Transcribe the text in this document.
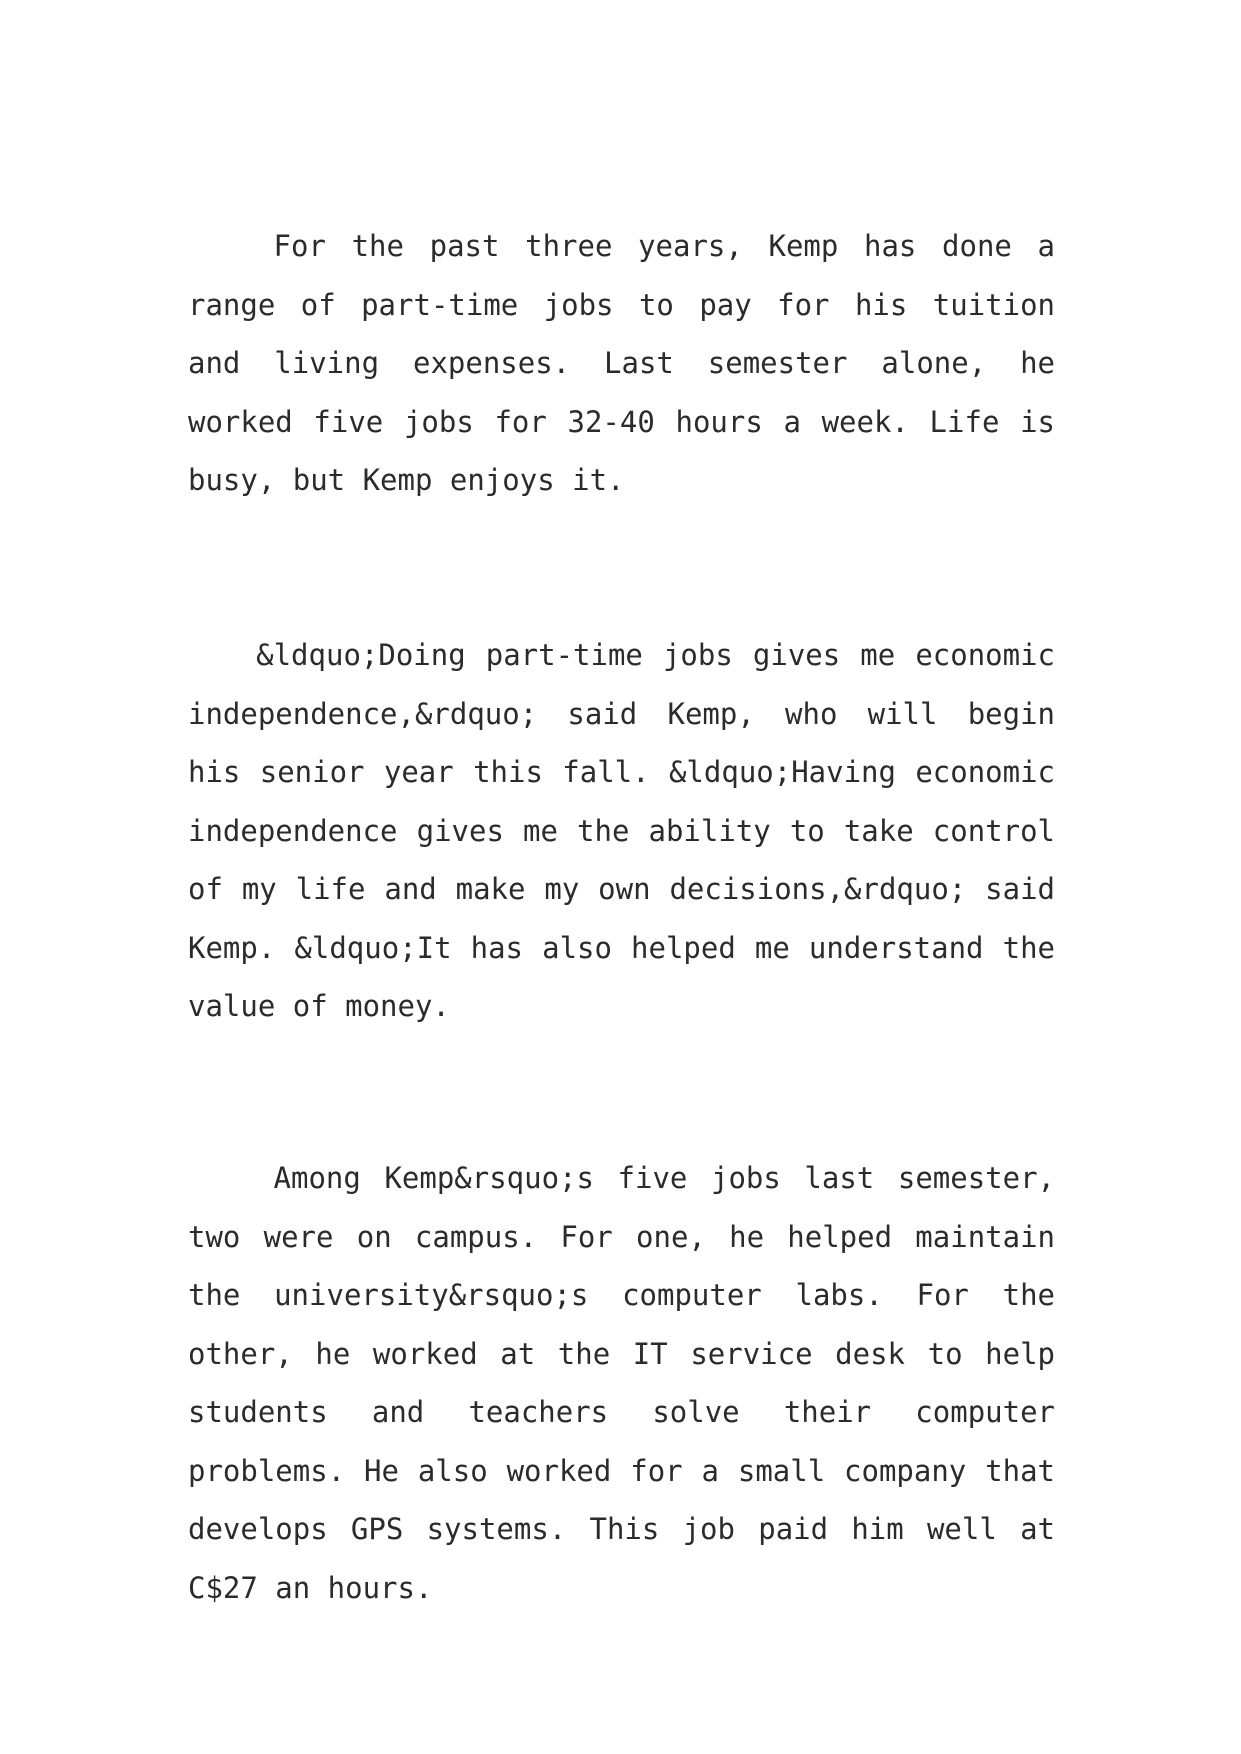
For the past three years, Kemp has done a range of part-time jobs to pay for his tuition and living expenses. Last semester alone, he worked five jobs for 32-40 hours a week. Life is busy, but Kemp enjoys it.

&ldquo;Doing part-time jobs gives me economic independence,&rdquo; said Kemp, who will begin his senior year this fall. &ldquo;Having economic independence gives me the ability to take control of my life and make my own decisions,&rdquo; said Kemp. &ldquo;It has also helped me understand the value of money.

Among Kemp&rsquo;s five jobs last semester, two were on campus. For one, he helped maintain the university&rsquo;s computer labs. For the other, he worked at the IT service desk to help students and teachers solve their computer problems. He also worked for a small company that develops GPS systems. This job paid him well at C$27 an hours.
